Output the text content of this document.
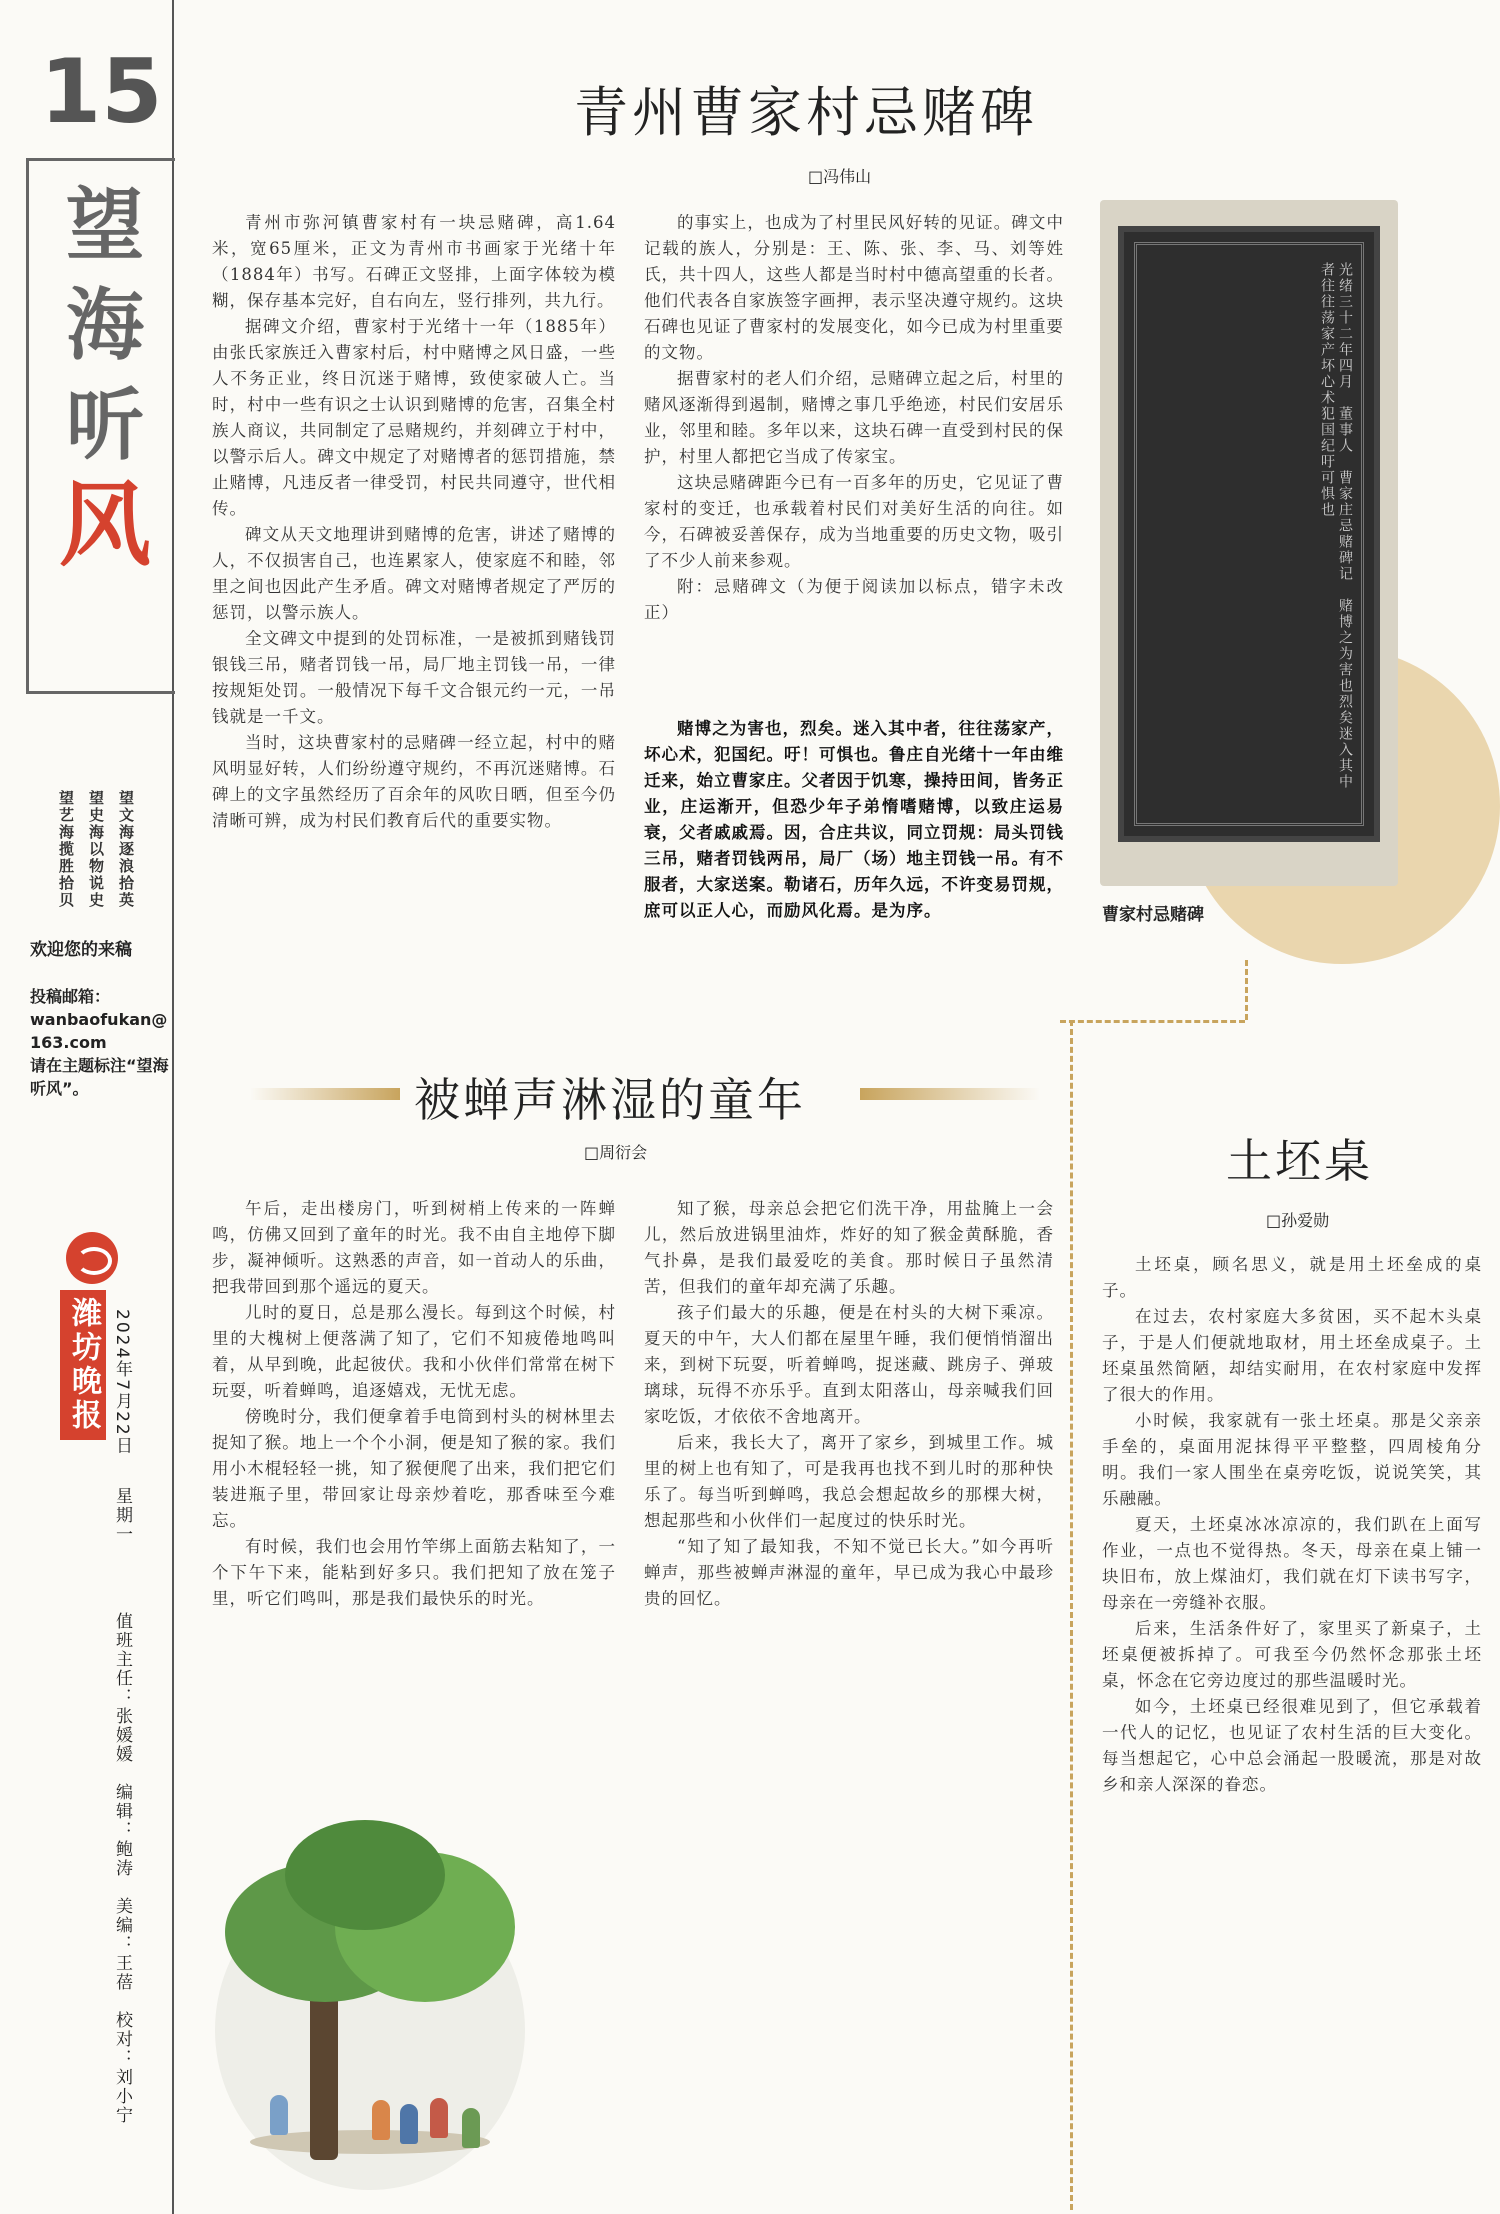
15
望
海
听
风
望文海逐浪拾英
望史海以物说史
望艺海揽胜拾贝
欢迎您的来稿
投稿邮箱：
wanbaofukan@163.com
请在主题标注“望海听风”。
潍坊晚报 2024年7月22日 星期一 值班主任：张媛媛　编辑：鲍涛　美编：王蓓　校对：刘小宁
青州曹家村忌赌碑
□冯伟山

青州市弥河镇曹家村有一块忌赌碑，高1.64米，宽65厘米，正文为青州市书画家于光绪十年（1884年）书写。石碑正文竖排，上面字体较为模糊，保存基本完好，自右向左，竖行排列，共九行。

据碑文介绍，曹家村于光绪十一年（1885年）由张氏家族迁入曹家村后，村中赌博之风日盛，一些人不务正业，终日沉迷于赌博，致使家破人亡。当时，村中一些有识之士认识到赌博的危害，召集全村族人商议，共同制定了忌赌规约，并刻碑立于村中，以警示后人。碑文中规定了对赌博者的惩罚措施，禁止赌博，凡违反者一律受罚，村民共同遵守，世代相传。

碑文从天文地理讲到赌博的危害，讲述了赌博的人，不仅损害自己，也连累家人，使家庭不和睦，邻里之间也因此产生矛盾。碑文对赌博者规定了严厉的惩罚，以警示族人。

全文碑文中提到的处罚标准，一是被抓到赌钱罚银钱三吊，赌者罚钱一吊，局厂地主罚钱一吊，一律按规矩处罚。一般情况下每千文合银元约一元，一吊钱就是一千文。

当时，这块曹家村的忌赌碑一经立起，村中的赌风明显好转，人们纷纷遵守规约，不再沉迷赌博。石碑上的文字虽然经历了百余年的风吹日晒，但至今仍清晰可辨，成为村民们教育后代的重要实物。

的事实上，也成为了村里民风好转的见证。碑文中记载的族人，分别是：王、陈、张、李、马、刘等姓氏，共十四人，这些人都是当时村中德高望重的长者。他们代表各自家族签字画押，表示坚决遵守规约。这块石碑也见证了曹家村的发展变化，如今已成为村里重要的文物。

据曹家村的老人们介绍，忌赌碑立起之后，村里的赌风逐渐得到遏制，赌博之事几乎绝迹，村民们安居乐业，邻里和睦。多年以来，这块石碑一直受到村民的保护，村里人都把它当成了传家宝。

这块忌赌碑距今已有一百多年的历史，它见证了曹家村的变迁，也承载着村民们对美好生活的向往。如今，石碑被妥善保存，成为当地重要的历史文物，吸引了不少人前来参观。

附：忌赌碑文（为便于阅读加以标点，错字未改正）

赌博之为害也，烈矣。迷入其中者，往往荡家产，坏心术，犯国纪。吁！可惧也。鲁庄自光绪十一年由维迁来，始立曹家庄。父者因于饥寒，操持田间，皆务正业，庄运渐开，但恐少年子弟惰嗜赌博，以致庄运易衰，父者戚戚焉。因，合庄共议，同立罚规：局头罚钱三吊，赌者罚钱两吊，局厂（场）地主罚钱一吊。有不服者，大家送案。勒诸石，历年久远，不许变易罚规，庶可以正人心，而励风化焉。是为序。

光绪三十二年四月　董事人　曹家庄忌赌碑记　赌博之为害也烈矣迷入其中者往往荡家产坏心术犯国纪吁可惧也
曹家村忌赌碑
被蝉声淋湿的童年
□周衍会

午后，走出楼房门，听到树梢上传来的一阵蝉鸣，仿佛又回到了童年的时光。我不由自主地停下脚步，凝神倾听。这熟悉的声音，如一首动人的乐曲，把我带回到那个遥远的夏天。

儿时的夏日，总是那么漫长。每到这个时候，村里的大槐树上便落满了知了，它们不知疲倦地鸣叫着，从早到晚，此起彼伏。我和小伙伴们常常在树下玩耍，听着蝉鸣，追逐嬉戏，无忧无虑。

傍晚时分，我们便拿着手电筒到村头的树林里去捉知了猴。地上一个个小洞，便是知了猴的家。我们用小木棍轻轻一挑，知了猴便爬了出来，我们把它们装进瓶子里，带回家让母亲炒着吃，那香味至今难忘。

有时候，我们也会用竹竿绑上面筋去粘知了，一个下午下来，能粘到好多只。我们把知了放在笼子里，听它们鸣叫，那是我们最快乐的时光。

知了猴，母亲总会把它们洗干净，用盐腌上一会儿，然后放进锅里油炸，炸好的知了猴金黄酥脆，香气扑鼻，是我们最爱吃的美食。那时候日子虽然清苦，但我们的童年却充满了乐趣。

孩子们最大的乐趣，便是在村头的大树下乘凉。夏天的中午，大人们都在屋里午睡，我们便悄悄溜出来，到树下玩耍，听着蝉鸣，捉迷藏、跳房子、弹玻璃球，玩得不亦乐乎。直到太阳落山，母亲喊我们回家吃饭，才依依不舍地离开。

后来，我长大了，离开了家乡，到城里工作。城里的树上也有知了，可是我再也找不到儿时的那种快乐了。每当听到蝉鸣，我总会想起故乡的那棵大树，想起那些和小伙伴们一起度过的快乐时光。

“知了知了最知我，不知不觉已长大。”如今再听蝉声，那些被蝉声淋湿的童年，早已成为我心中最珍贵的回忆。

土坯桌
□孙爱勋

土坯桌，顾名思义，就是用土坯垒成的桌子。

在过去，农村家庭大多贫困，买不起木头桌子，于是人们便就地取材，用土坯垒成桌子。土坯桌虽然简陋，却结实耐用，在农村家庭中发挥了很大的作用。

小时候，我家就有一张土坯桌。那是父亲亲手垒的，桌面用泥抹得平平整整，四周棱角分明。我们一家人围坐在桌旁吃饭，说说笑笑，其乐融融。

夏天，土坯桌冰冰凉凉的，我们趴在上面写作业，一点也不觉得热。冬天，母亲在桌上铺一块旧布，放上煤油灯，我们就在灯下读书写字，母亲在一旁缝补衣服。

后来，生活条件好了，家里买了新桌子，土坯桌便被拆掉了。可我至今仍然怀念那张土坯桌，怀念在它旁边度过的那些温暖时光。

如今，土坯桌已经很难见到了，但它承载着一代人的记忆，也见证了农村生活的巨大变化。每当想起它，心中总会涌起一股暖流，那是对故乡和亲人深深的眷恋。
